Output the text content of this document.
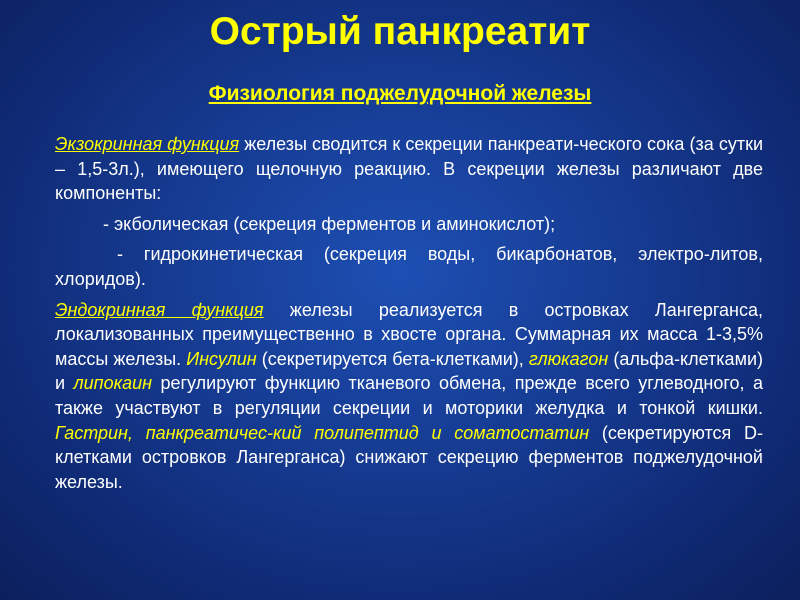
Острый панкреатит
Физиология поджелудочной железы

Экзокринная функция железы сводится к секреции панкреати-ческого сока (за сутки – 1,5-3л.), имеющего щелочную реакцию. В секреции железы различают две компоненты:

- экболическая (секреция ферментов и аминокислот);

- гидрокинетическая (секреция воды, бикарбонатов, электро-литов, хлоридов).

Эндокринная функция железы реализуется в островках Лангерганса, локализованных преимущественно в хвосте органа. Суммарная их масса 1-3,5% массы железы. Инсулин (секретируется бета-клетками), глюкагон (альфа-клетками) и липокаин регулируют функцию тканевого обмена, прежде всего углеводного, а также участвуют в регуляции секреции и моторики желудка и тонкой кишки. Гастрин, панкреатичес-кий полипептид и соматостатин (секретируются D-клетками островков Лангерганса) снижают секрецию ферментов поджелудочной железы.
